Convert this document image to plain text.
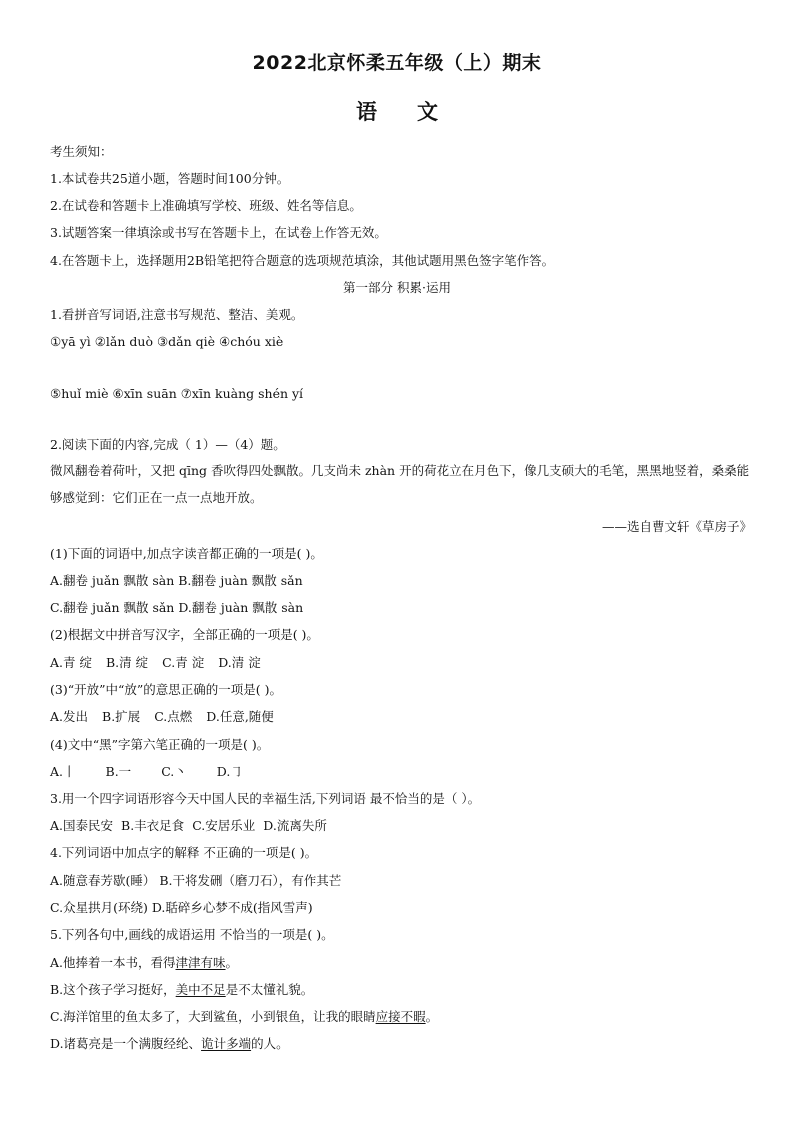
2022北京怀柔五年级（上）期末
语文
考生须知：
1.本试卷共25道小题，答题时间100分钟。
2.在试卷和答题卡上准确填写学校、班级、姓名等信息。
3.试题答案一律填涂或书写在答题卡上，在试卷上作答无效。
4.在答题卡上，选择题用2B铅笔把符合题意的选项规范填涂，其他试题用黑色签字笔作答。
第一部分 积累·运用
1.看拼音写词语,注意书写规范、整洁、美观。
①yā yì ②lǎn duò ③dǎn qiè ④chóu xiè
⑤huǐ miè ⑥xīn suān ⑦xīn kuàng shén yí
2.阅读下面的内容,完成（ 1）—（4）题。
微风翻卷着荷叶，又把 qīng 香吹得四处飘散。几支尚未 zhàn 开的荷花立在月色下，像几支硕大的毛笔，黑黑地竖着，桑桑能够感觉到：它们正在一点一点地开放。
——选自曹文轩《草房子》
(1)下面的词语中,加点字读音都正确的一项是( )。
A.翻卷 juǎn 飘散 sàn B.翻卷 juàn 飘散 sǎn
C.翻卷 juǎn 飘散 sǎn D.翻卷 juàn 飘散 sàn
(2)根据文中拼音写汉字，全部正确的一项是( )。
A.青 绽 B.清 绽 C.青 淀 D.清 淀
(3)“开放”中“放”的意思正确的一项是( )。
A.发出 B.扩展 C.点燃 D.任意,随便
(4)文中“黑”字第六笔正确的一项是( )。
A.丨 B.一 C.丶 D.㇆
3.用一个四字词语形容今天中国人民的幸福生活,下列词语 最不恰当的是（ ）。
A.国泰民安 B.丰衣足食 C.安居乐业 D.流离失所
4.下列词语中加点字的解释 不正确的一项是( )。
A.随意春芳歇(睡） B.干将发硎（磨刀石），有作其芒
C.众星拱月(环绕) D.聒碎乡心梦不成(指风雪声)
5.下列各句中,画线的成语运用 不恰当的一项是( )。
A.他捧着一本书，看得津津有味。
B.这个孩子学习挺好，美中不足是不太懂礼貌。
C.海洋馆里的鱼太多了，大到鲨鱼，小到银鱼，让我的眼睛应接不暇。
D.诸葛亮是一个满腹经纶、诡计多端的人。
